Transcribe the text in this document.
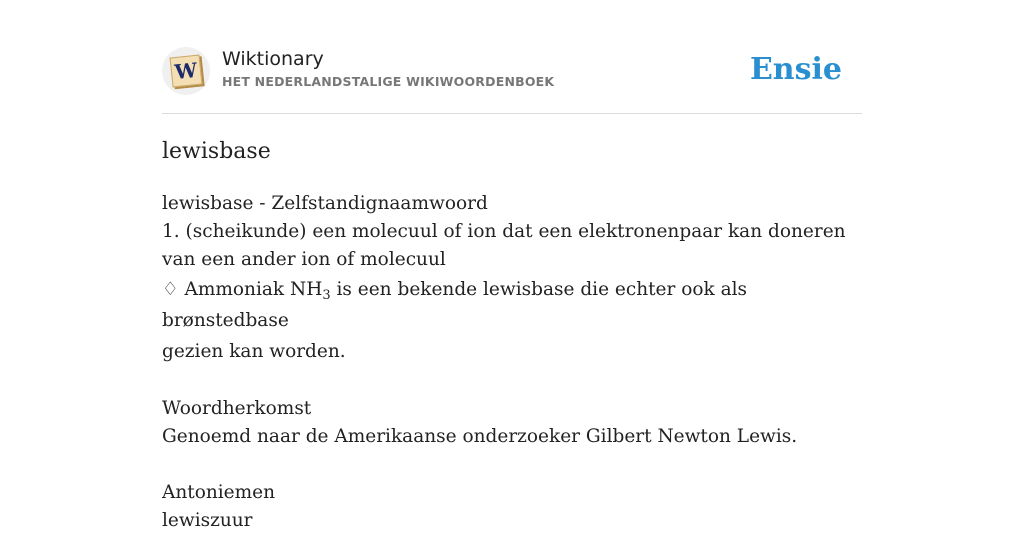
W Wiktionary
HET NEDERLANDSTALIGE WIKIWOORDENBOEK	Ensie
lewisbase
lewisbase - Zelfstandignaamwoord
1. (scheikunde) een molecuul of ion dat een elektronenpaar kan doneren van een ander ion of molecuul
♢ Ammoniak $NH_3$ is een bekende lewisbase die echter ook als brønstedbase
gezien kan worden.
Woordherkomst
Genoemd naar de Amerikaanse onderzoeker Gilbert Newton Lewis.
Antoniemen
lewiszuur
